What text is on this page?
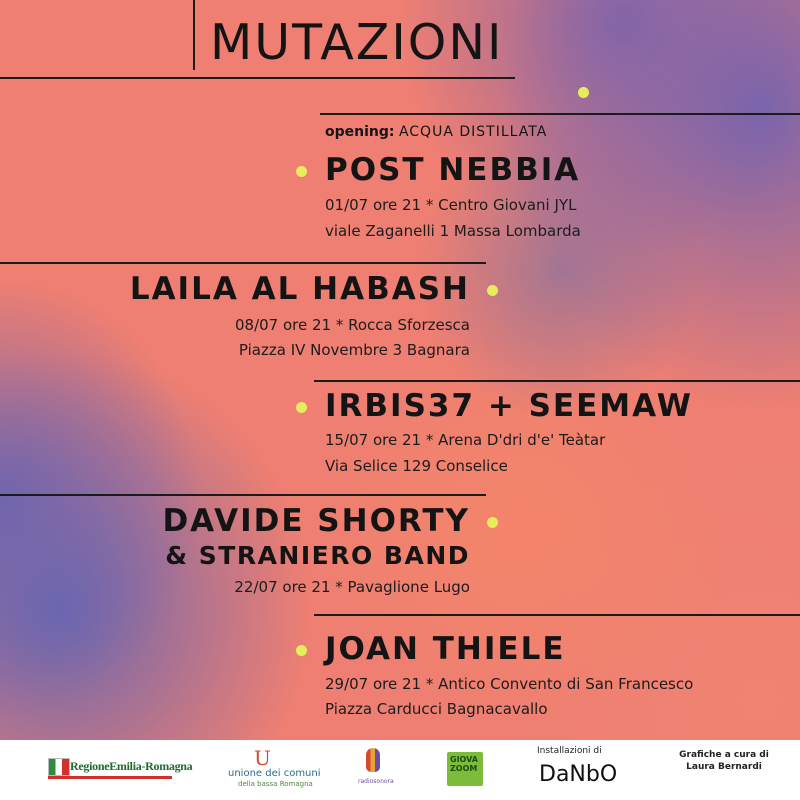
MUTAZIONI
opening: ACQUA DISTILLATA
POST NEBBIA
01/07 ore 21 * Centro Giovani JYL
viale Zaganelli 1 Massa Lombarda
LAILA AL HABASH
08/07 ore 21 * Rocca Sforzesca
Piazza IV Novembre 3 Bagnara
IRBIS37 + SEEMAW
15/07 ore 21 * Arena D'dri d'e' Teàtar
Via Selice 129 Conselice
DAVIDE SHORTY
& STRANIERO BAND
22/07 ore 21 * Pavaglione Lugo
JOAN THIELE
29/07 ore 21 * Antico Convento di San Francesco
Piazza Carducci Bagnacavallo
RegioneEmilia-Romagna	U
unione dei comuni
della bassa Romagna	radiosonora
GIOVA
ZOOM
Installazioni di
DaNbO
Grafiche a cura di
Laura Bernardi
